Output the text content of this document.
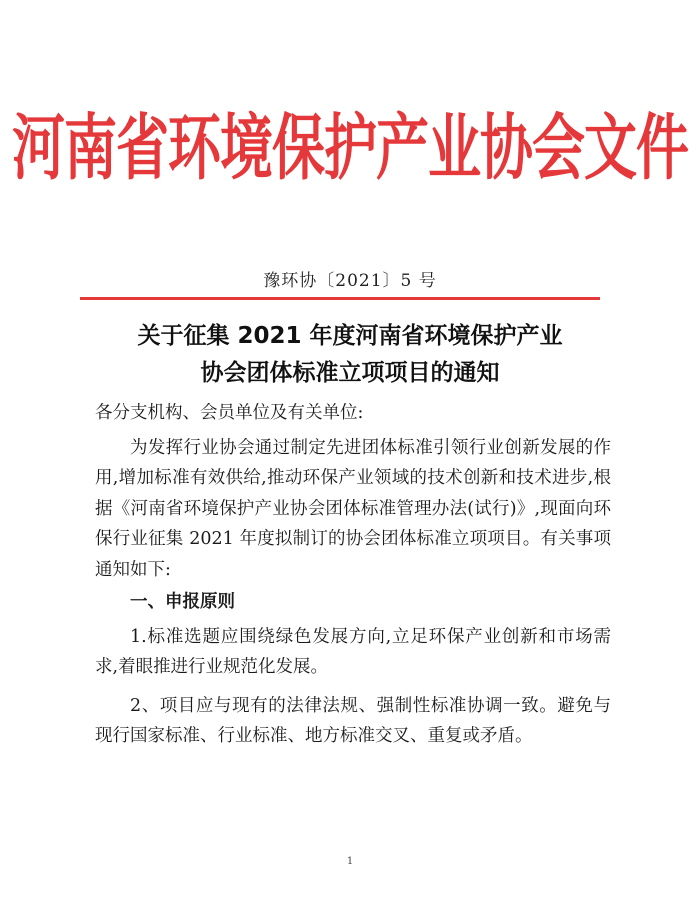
河南省环境保护产业协会文件
豫环协〔2021〕5 号
关于征集 2021 年度河南省环境保护产业
协会团体标准立项项目的通知

各分支机构、会员单位及有关单位:

为发挥行业协会通过制定先进团体标准引领行业创新发展的作用,增加标准有效供给,推动环保产业领域的技术创新和技术进步,根据《河南省环境保护产业协会团体标准管理办法(试行)》,现面向环保行业征集 2021 年度拟制订的协会团体标准立项项目。有关事项通知如下:

一、申报原则

1.标准选题应围绕绿色发展方向,立足环保产业创新和市场需求,着眼推进行业规范化发展。

2、项目应与现有的法律法规、强制性标准协调一致。避免与现行国家标准、行业标准、地方标准交叉、重复或矛盾。

1
